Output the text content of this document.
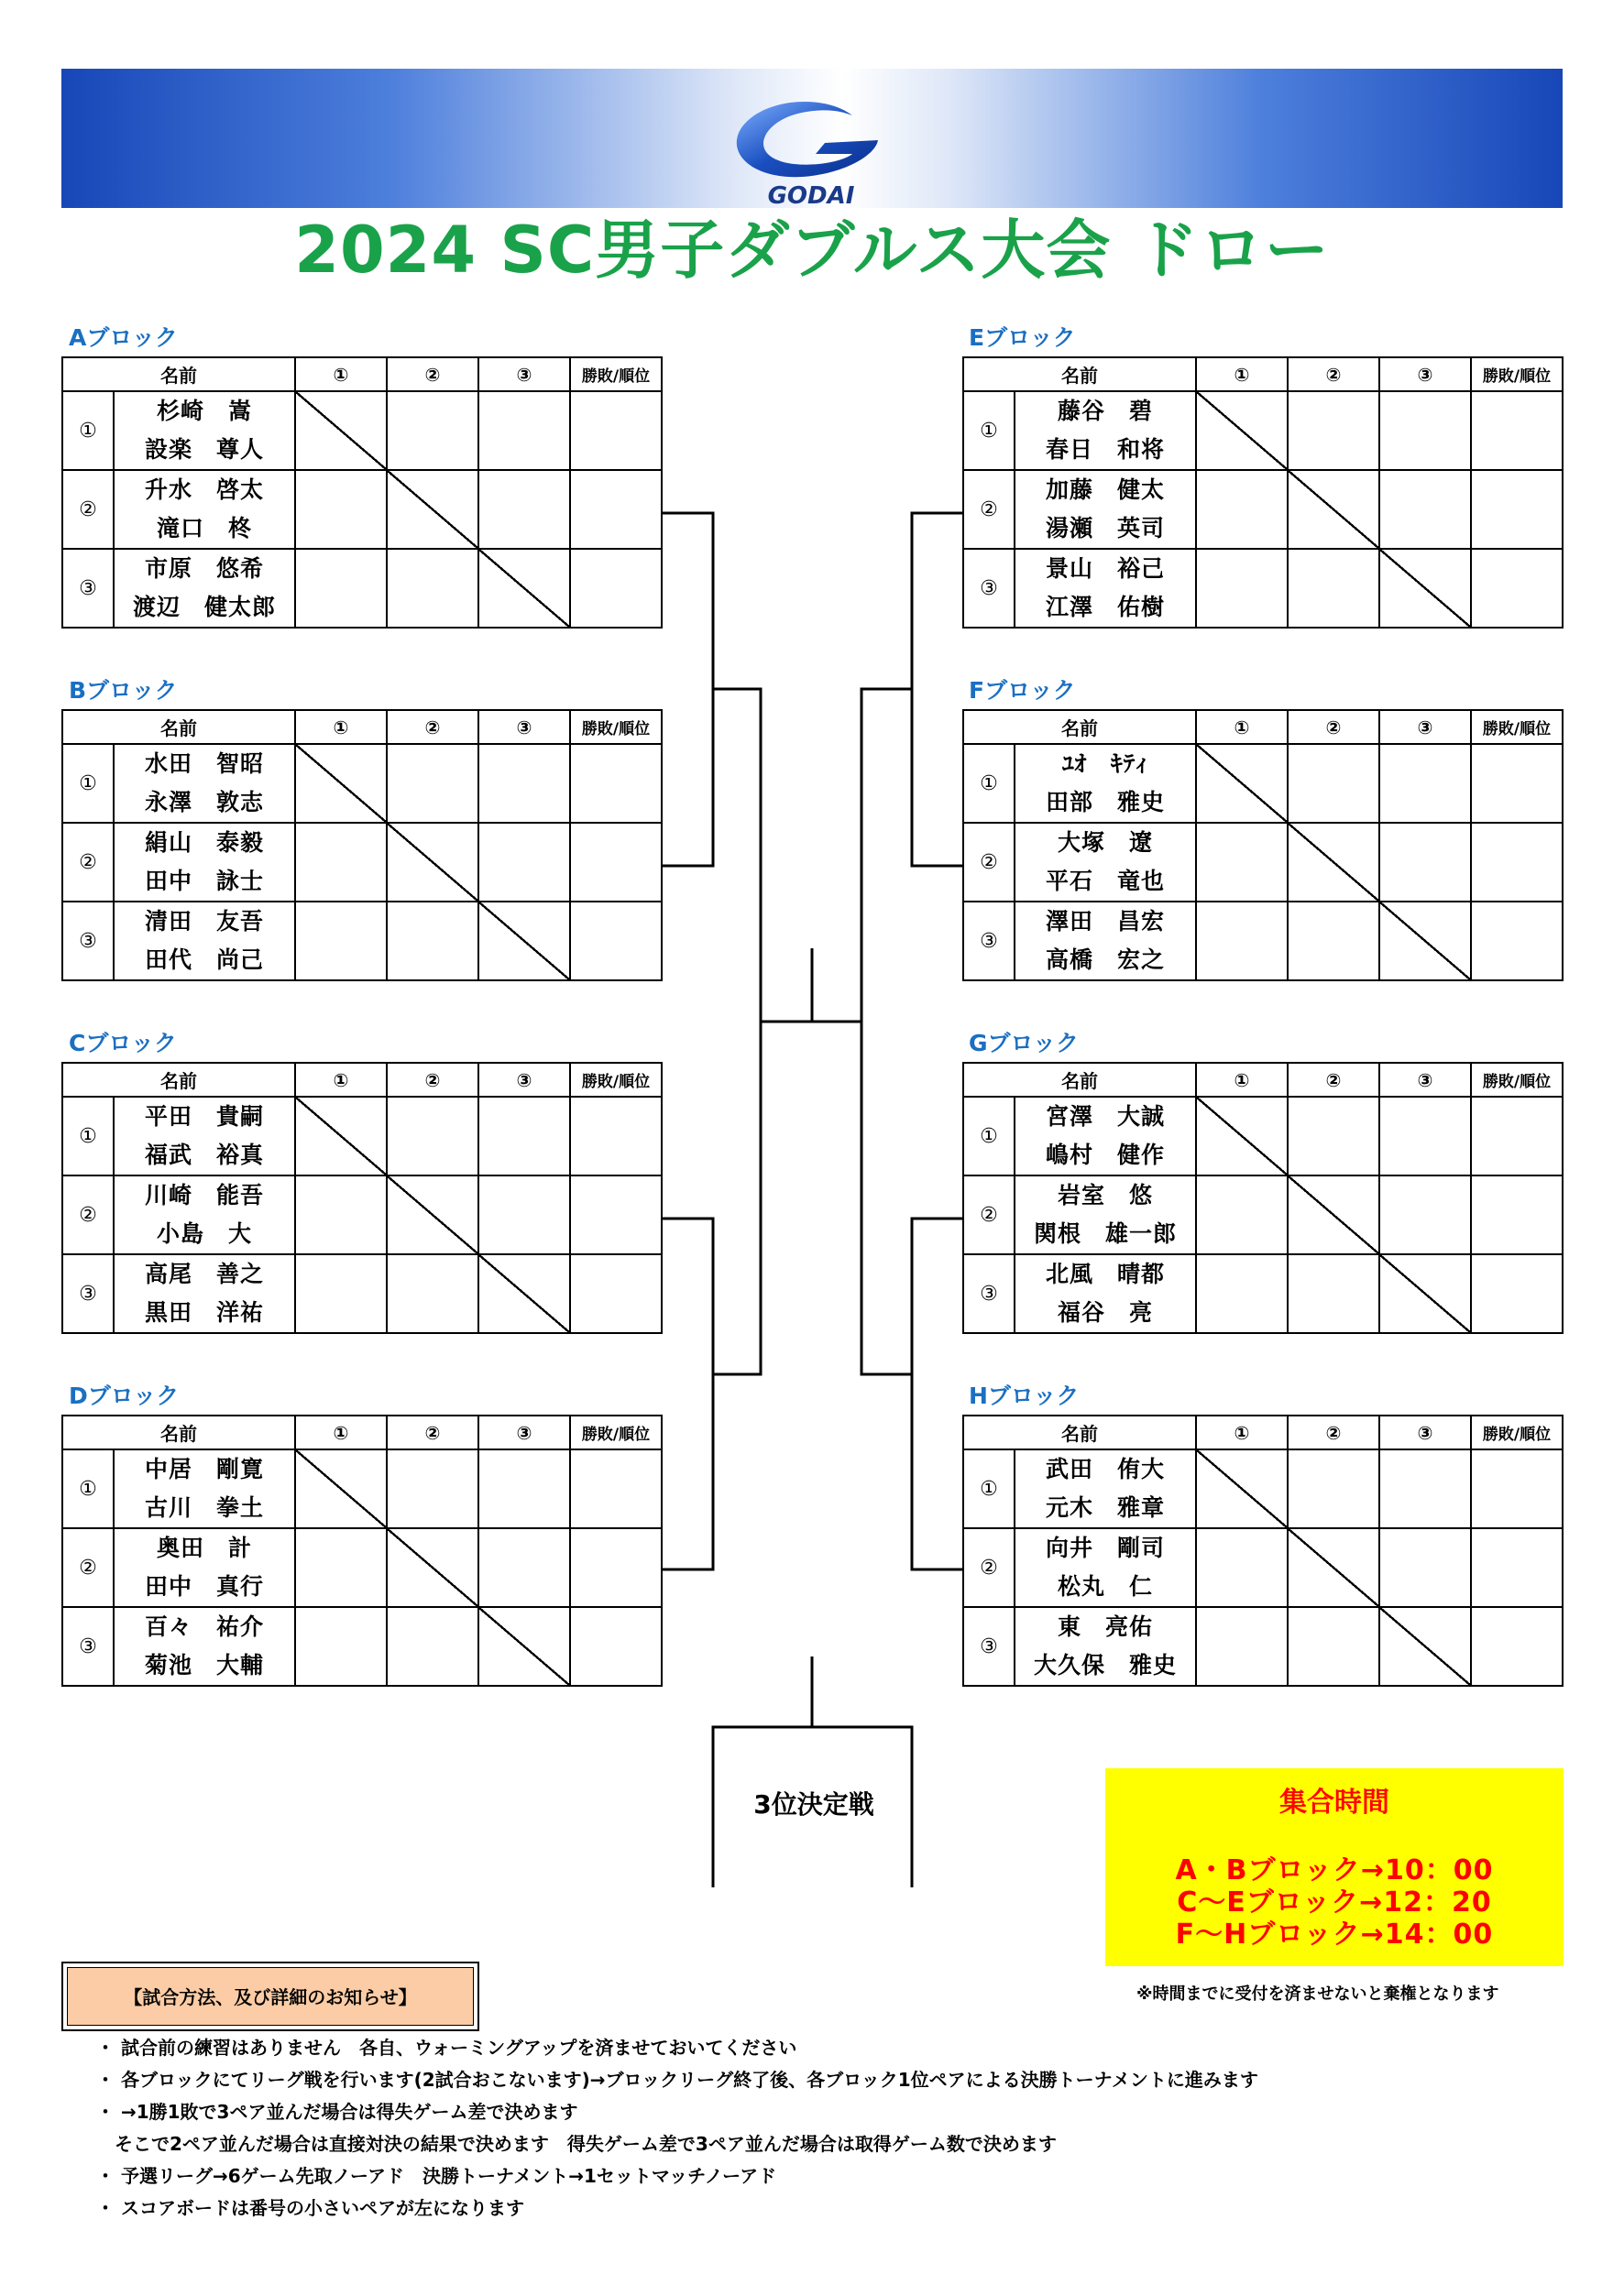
GODAI
2024 SC男子ダブルス大会 ドロー
3位決定戦
Aブロック
名前		①	②	③	勝敗/順位
①	杉崎　嵩
設楽　尊人				

②	升水　啓太
滝口　柊				

③	市原　悠希
渡辺　健太郎				

Bブロック
名前		①	②	③	勝敗/順位
①	水田　智昭
永澤　敦志				

②	絹山　泰毅
田中　詠士				

③	清田　友吾
田代　尚己				

Cブロック
名前		①	②	③	勝敗/順位
①	平田　貴嗣
福武　裕真				

②	川崎　能吾
小島　大				

③	高尾　善之
黒田　洋祐				

Dブロック
名前		①	②	③	勝敗/順位
①	中居　剛寛
古川　拳土				

②	奥田　計
田中　真行				

③	百々　祐介
菊池　大輔				

Eブロック
名前		①	②	③	勝敗/順位
①	藤谷　碧
春日　和将				

②	加藤　健太
湯瀬　英司				

③	景山　裕己
江澤　佑樹				

Fブロック
名前		①	②	③	勝敗/順位
①	ﾕｵ　ｷﾃｨ
田部　雅史				

②	大塚　遼
平石　竜也				

③	澤田　昌宏
高橋　宏之				

Gブロック
名前		①	②	③	勝敗/順位
①	宮澤　大誠
嶋村　健作				

②	岩室　悠
関根　雄一郎				

③	北風　晴都
福谷　亮				

Hブロック
名前		①	②	③	勝敗/順位
①	武田　侑大
元木　雅章				

②	向井　剛司
松丸　仁				

③	東　亮佑
大久保　雅史				

集合時間
A・Bブロック→10：00
C～Eブロック→12：20
F～Hブロック→14：00
※時間までに受付を済ませないと棄権となります
【試合方法、及び詳細のお知らせ】
・ 試合前の練習はありません　各自、ウォーミングアップを済ませておいてください
・ 各ブロックにてリーグ戦を行います(2試合おこないます)→ブロックリーグ終了後、各ブロック1位ペアによる決勝トーナメントに進みます
・ →1勝1敗で3ペア並んだ場合は得失ゲーム差で決めます
そこで2ペア並んだ場合は直接対決の結果で決めます　得失ゲーム差で3ペア並んだ場合は取得ゲーム数で決めます
・ 予選リーグ→6ゲーム先取ノーアド　決勝トーナメント→1セットマッチノーアド
・ スコアボードは番号の小さいペアが左になります
